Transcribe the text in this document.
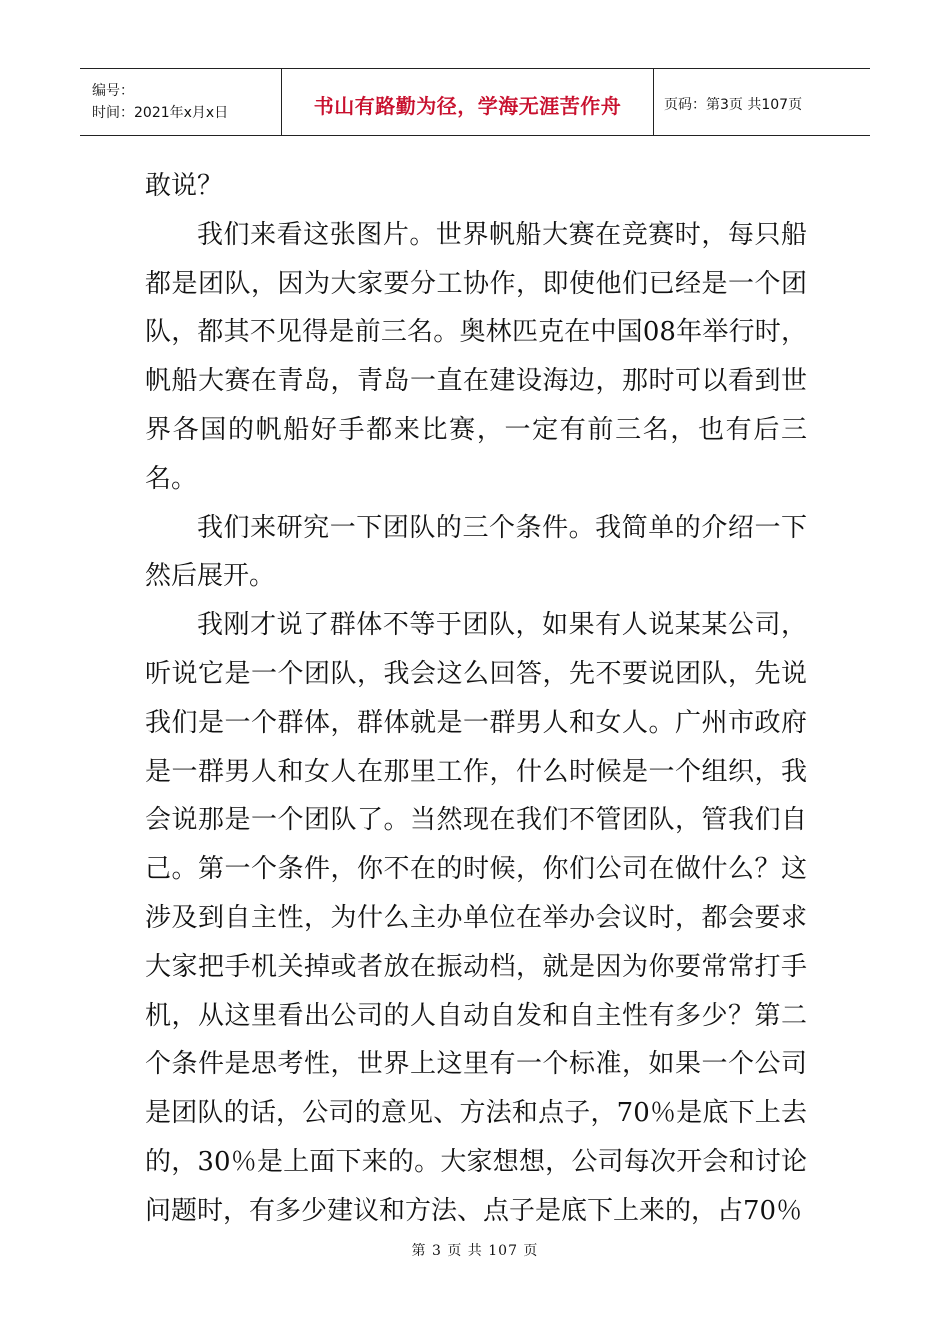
编号：
时间：2021年x月x日	书山有路勤为径，学海无涯苦作舟	页码：第3页 共107页

敢说？

我们来看这张图片。世界帆船大赛在竞赛时，每只船都是团队，因为大家要分工协作，即使他们已经是一个团队，都其不见得是前三名。奥林匹克在中国08年举行时，帆船大赛在青岛，青岛一直在建设海边，那时可以看到世界各国的帆船好手都来比赛，一定有前三名，也有后三名。

我们来研究一下团队的三个条件。我简单的介绍一下然后展开。

我刚才说了群体不等于团队，如果有人说某某公司，听说它是一个团队，我会这么回答，先不要说团队，先说我们是一个群体，群体就是一群男人和女人。广州市政府是一群男人和女人在那里工作，什么时候是一个组织，我会说那是一个团队了。当然现在我们不管团队，管我们自己。第一个条件，你不在的时候，你们公司在做什么？这涉及到自主性，为什么主办单位在举办会议时，都会要求大家把手机关掉或者放在振动档，就是因为你要常常打手机，从这里看出公司的人自动自发和自主性有多少？第二个条件是思考性，世界上这里有一个标准，如果一个公司是团队的话，公司的意见、方法和点子，70％是底下上去的，30％是上面下来的。大家想想，公司每次开会和讨论问题时，有多少建议和方法、点子是底下上来的，占70％

第 3 页 共 107 页
